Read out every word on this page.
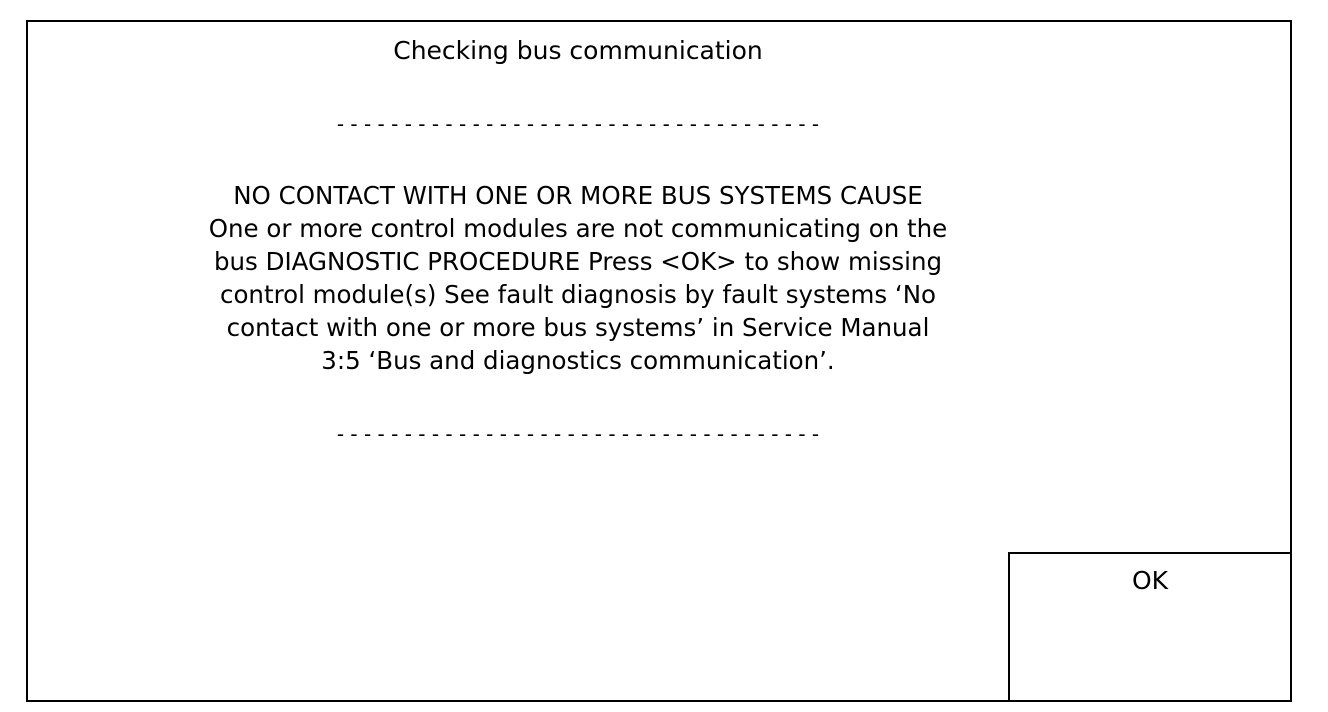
Checking bus communication
- - - - - - - - - - - - - - - - - - - - - - - - - - - - - - - - - - - -
NO CONTACT WITH ONE OR MORE BUS SYSTEMS CAUSE
One or more control modules are not communicating on the
bus DIAGNOSTIC PROCEDURE Press <OK> to show missing
control module(s) See fault diagnosis by fault systems ‘No
contact with one or more bus systems’ in Service Manual
3:5 ‘Bus and diagnostics communication’.
- - - - - - - - - - - - - - - - - - - - - - - - - - - - - - - - - - - -
OK
